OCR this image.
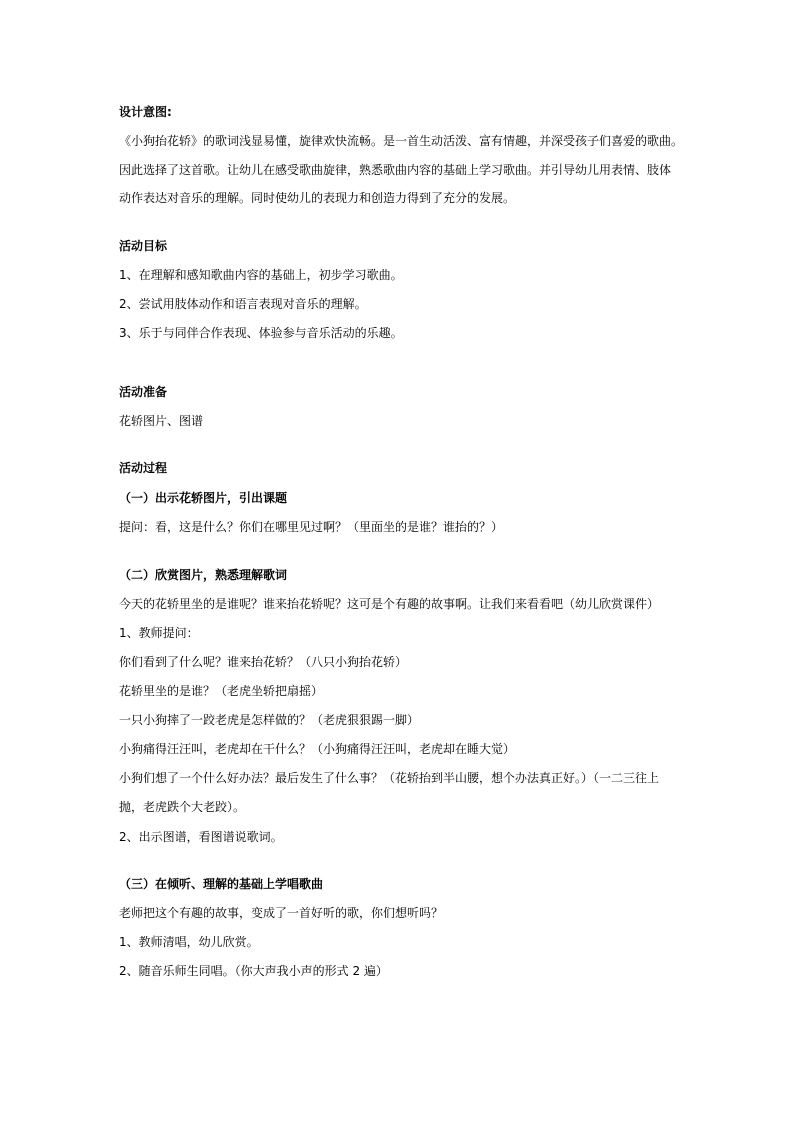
设计意图:
《小狗抬花轿》的歌词浅显易懂，旋律欢快流畅。是一首生动活泼、富有情趣，并深受孩子们喜爱的歌曲。
因此选择了这首歌。让幼儿在感受歌曲旋律，熟悉歌曲内容的基础上学习歌曲。并引导幼儿用表情、肢体
动作表达对音乐的理解。同时使幼儿的表现力和创造力得到了充分的发展。
活动目标
1、在理解和感知歌曲内容的基础上，初步学习歌曲。
2、尝试用肢体动作和语言表现对音乐的理解。
3、乐于与同伴合作表现、体验参与音乐活动的乐趣。
活动准备
花轿图片、图谱
活动过程
（一）出示花轿图片，引出课题
提问：看，这是什么？你们在哪里见过啊？（里面坐的是谁？谁抬的？）
（二）欣赏图片，熟悉理解歌词
今天的花轿里坐的是谁呢？谁来抬花轿呢？这可是个有趣的故事啊。让我们来看看吧（幼儿欣赏课件）
1、教师提问：
你们看到了什么呢？谁来抬花轿？（八只小狗抬花轿）
花轿里坐的是谁？（老虎坐轿把扇摇）
一只小狗摔了一跤老虎是怎样做的？（老虎狠狠踢一脚）
小狗痛得汪汪叫，老虎却在干什么？（小狗痛得汪汪叫，老虎却在睡大觉）
小狗们想了一个什么好办法？最后发生了什么事？（花轿抬到半山腰，想个办法真正好。）（一二三往上
抛，老虎跌个大老跤）。
2、出示图谱，看图谱说歌词。
（三）在倾听、理解的基础上学唱歌曲
老师把这个有趣的故事，变成了一首好听的歌，你们想听吗？
1、教师清唱，幼儿欣赏。
2、随音乐师生同唱。（你大声我小声的形式 2 遍）
